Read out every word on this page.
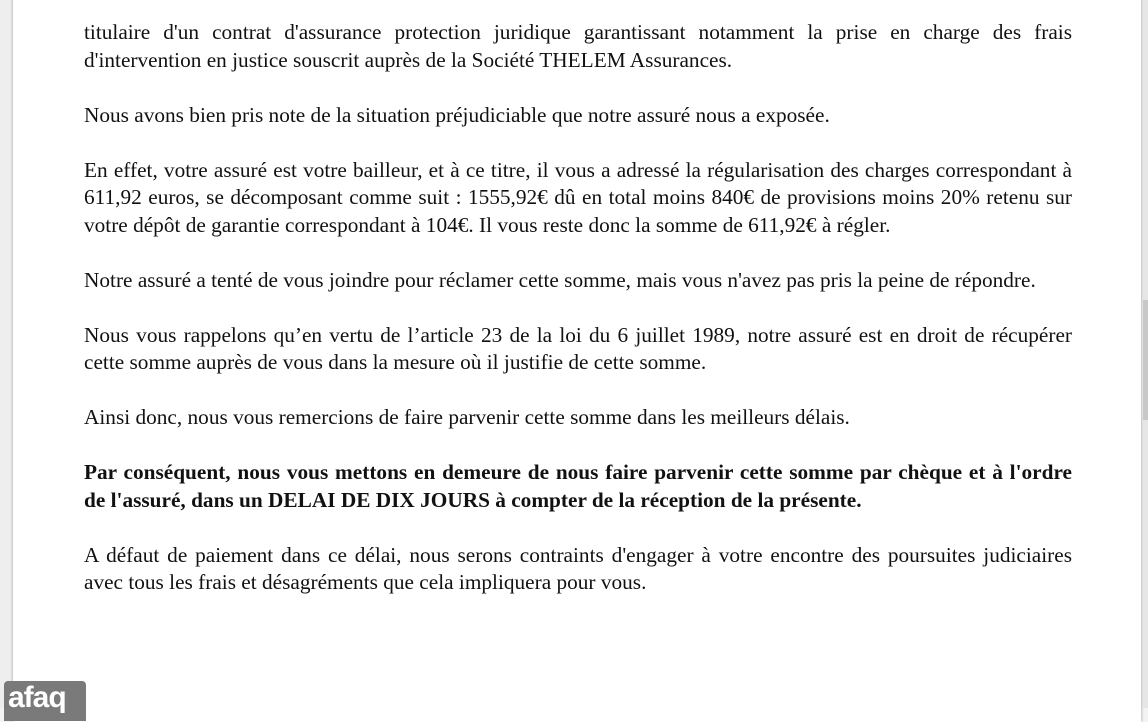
titulaire d'un contrat d'assurance protection juridique garantissant notamment la prise en charge des frais d'intervention en justice souscrit auprès de la Société THELEM Assurances.

Nous avons bien pris note de la situation préjudiciable que notre assuré nous a exposée.

En effet, votre assuré est votre bailleur, et à ce titre, il vous a adressé la régularisation des charges correspondant à 611,92 euros, se décomposant comme suit : 1555,92€ dû en total moins 840€ de provisions moins 20% retenu sur votre dépôt de garantie correspondant à 104€. Il vous reste donc la somme de 611,92€ à régler.

Notre assuré a tenté de vous joindre pour réclamer cette somme, mais vous n'avez pas pris la peine de répondre.

Nous vous rappelons qu’en vertu de l’article 23 de la loi du 6 juillet 1989, notre assuré est en droit de récupérer cette somme auprès de vous dans la mesure où il justifie de cette somme.

Ainsi donc, nous vous remercions de faire parvenir cette somme dans les meilleurs délais.

Par conséquent, nous vous mettons en demeure de nous faire parvenir cette somme par chèque et à l'ordre de l'assuré, dans un DELAI DE DIX JOURS à compter de la réception de la présente.

A défaut de paiement dans ce délai, nous serons contraints d'engager à votre encontre des poursuites judiciaires avec tous les frais et désagréments que cela impliquera pour vous.

afaq
